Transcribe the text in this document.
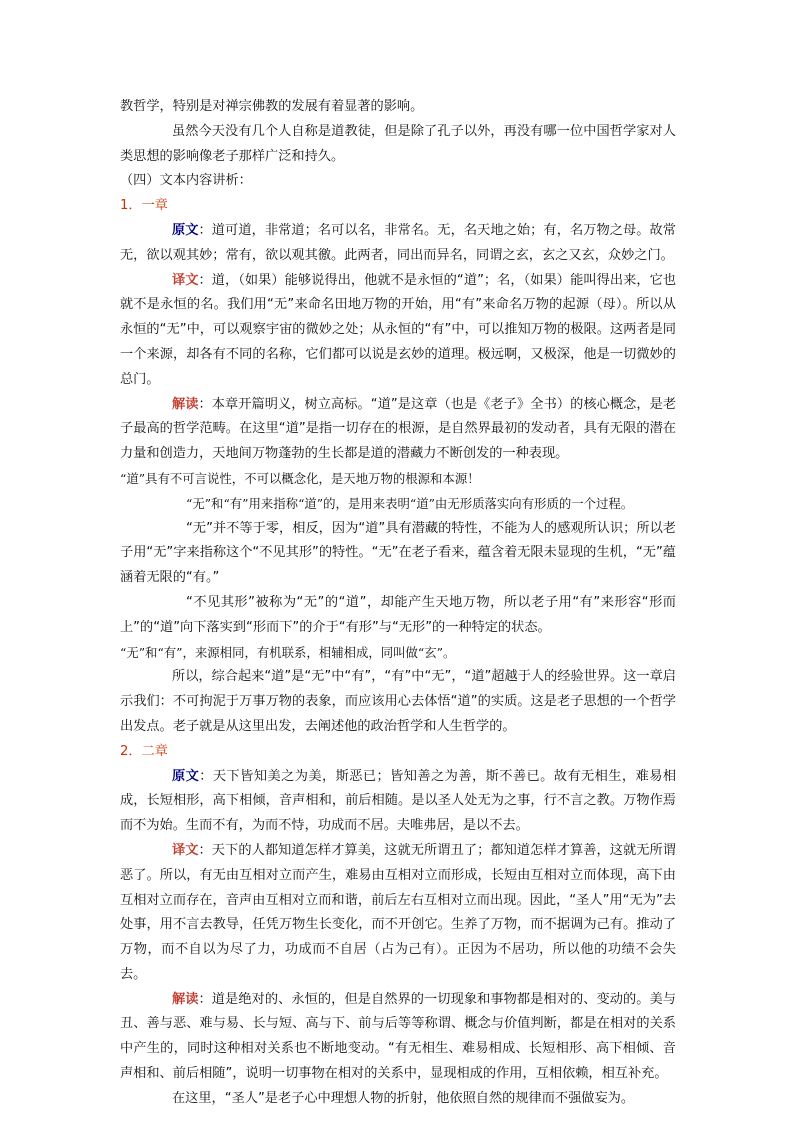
教哲学，特别是对禅宗佛教的发展有着显著的影响。

虽然今天没有几个人自称是道教徒，但是除了孔子以外，再没有哪一位中国哲学家对人类思想的影响像老子那样广泛和持久。

（四）文本内容讲析：

1．一章

原文：道可道，非常道；名可以名，非常名。无，名天地之始；有，名万物之母。故常无，欲以观其妙；常有，欲以观其徼。此两者，同出而异名，同谓之玄，玄之又玄，众妙之门。

译文：道，（如果）能够说得出，他就不是永恒的“道”；名，（如果）能叫得出来，它也就不是永恒的名。我们用“无”来命名田地万物的开始，用“有”来命名万物的起源（母）。所以从永恒的“无”中，可以观察宇宙的微妙之处；从永恒的“有”中，可以推知万物的极限。这两者是同一个来源，却各有不同的名称，它们都可以说是玄妙的道理。极远啊，又极深，他是一切微妙的总门。

解读：本章开篇明义，树立高标。“道”是这章（也是《老子》全书）的核心概念，是老子最高的哲学范畴。在这里“道”是指一切存在的根源，是自然界最初的发动者，具有无限的潜在力量和创造力，天地间万物蓬勃的生长都是道的潜藏力不断创发的一种表现。

“道”具有不可言说性，不可以概念化，是天地万物的根源和本源！

“无”和“有”用来指称“道”的，是用来表明“道”由无形质落实向有形质的一个过程。

“无”并不等于零，相反，因为“道”具有潜藏的特性，不能为人的感观所认识；所以老子用“无”字来指称这个“不见其形”的特性。“无”在老子看来，蕴含着无限未显现的生机，“无”蕴涵着无限的“有。”

“不见其形”被称为“无”的“道”，却能产生天地万物，所以老子用“有”来形容“形而上”的“道”向下落实到“形而下”的介于“有形”与“无形”的一种特定的状态。

“无”和“有”，来源相同，有机联系，相辅相成，同叫做“玄”。

所以，综合起来“道”是“无”中“有”，“有”中“无”，“道”超越于人的经验世界。这一章启示我们：不可拘泥于万事万物的表象，而应该用心去体悟“道”的实质。这是老子思想的一个哲学出发点。老子就是从这里出发，去阐述他的政治哲学和人生哲学的。

2．二章

原文：天下皆知美之为美，斯恶已；皆知善之为善，斯不善已。故有无相生，难易相成，长短相形，高下相倾，音声相和，前后相随。是以圣人处无为之事，行不言之教。万物作焉而不为始。生而不有，为而不恃，功成而不居。夫唯弗居，是以不去。

译文：天下的人都知道怎样才算美，这就无所谓丑了；都知道怎样才算善，这就无所谓恶了。所以，有无由互相对立而产生，难易由互相对立而形成，长短由互相对立而体现，高下由互相对立而存在，音声由互相对立而和谐，前后左右互相对立而出现。因此，“圣人”用“无为”去处事，用不言去教导，任凭万物生长变化，而不开创它。生养了万物，而不据调为己有。推动了万物，而不自以为尽了力，功成而不自居（占为己有）。正因为不居功，所以他的功绩不会失去。

解读：道是绝对的、永恒的，但是自然界的一切现象和事物都是相对的、变动的。美与丑、善与恶、难与易、长与短、高与下、前与后等等称谓、概念与价值判断，都是在相对的关系中产生的，同时这种相对关系也不断地变动。“有无相生、难易相成、长短相形、高下相倾、音声相和、前后相随”，说明一切事物在相对的关系中，显现相成的作用，互相依赖，相互补充。

在这里，“圣人”是老子心中理想人物的折射，他依照自然的规律而不强做妄为。
